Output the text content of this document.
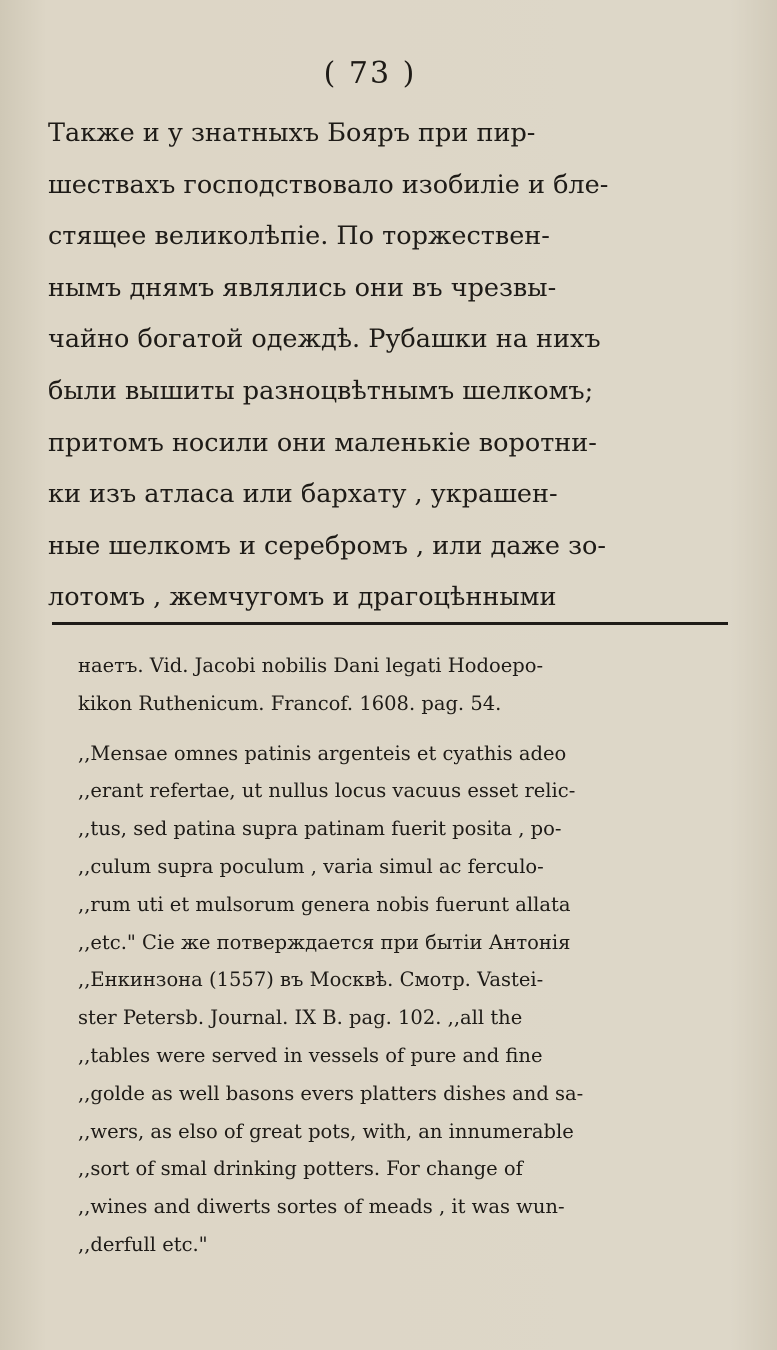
( 73 )
Также и у знатныхъ Бояръ при пир-
шествахъ господствовало изобиліе и бле-
стящее великолѣпіе. По торжествен-
нымъ днямъ являлись они въ чрезвы-
чайно богатой одеждѣ. Рубашки на нихъ
были вышиты разноцвѣтнымъ шелкомъ;
притомъ носили они маленькіе воротни-
ки изъ атласа или бархату , украшен-
ные шелкомъ и серебромъ , или даже зо-
лотомъ , жемчугомъ и драгоцѣнными
наетъ. Vid. Jacobi nobilis Dani legati Hodoepo-
kikon Ruthenicum. Francof. 1608. pag. 54.
,,Mensae omnes patinis argenteis et cyathis adeo
,,erant refertae, ut nullus locus vacuus esset relic-
,,tus, sed patina supra patinam fuerit posita , po-
,,culum supra poculum , varia simul ac ferculo-
,,rum uti et mulsorum genera nobis fuerunt allata
,,etc." Сie же потверждается при бытiи Антонія
,,Енкинзона (1557) въ Москвѣ. Смотр. Vastei-
ster Petersb. Journal. IX B. pag. 102. ,,all the
,,tables were served in vessels of pure and fine
,,golde as well basons evers platters dishes and sa-
,,wers, as elso of great pots, with, an innumerable
,,sort of smal drinking potters. For change of
,,wines and diwerts sortes of meads , it was wun-
,,derfull etc."
